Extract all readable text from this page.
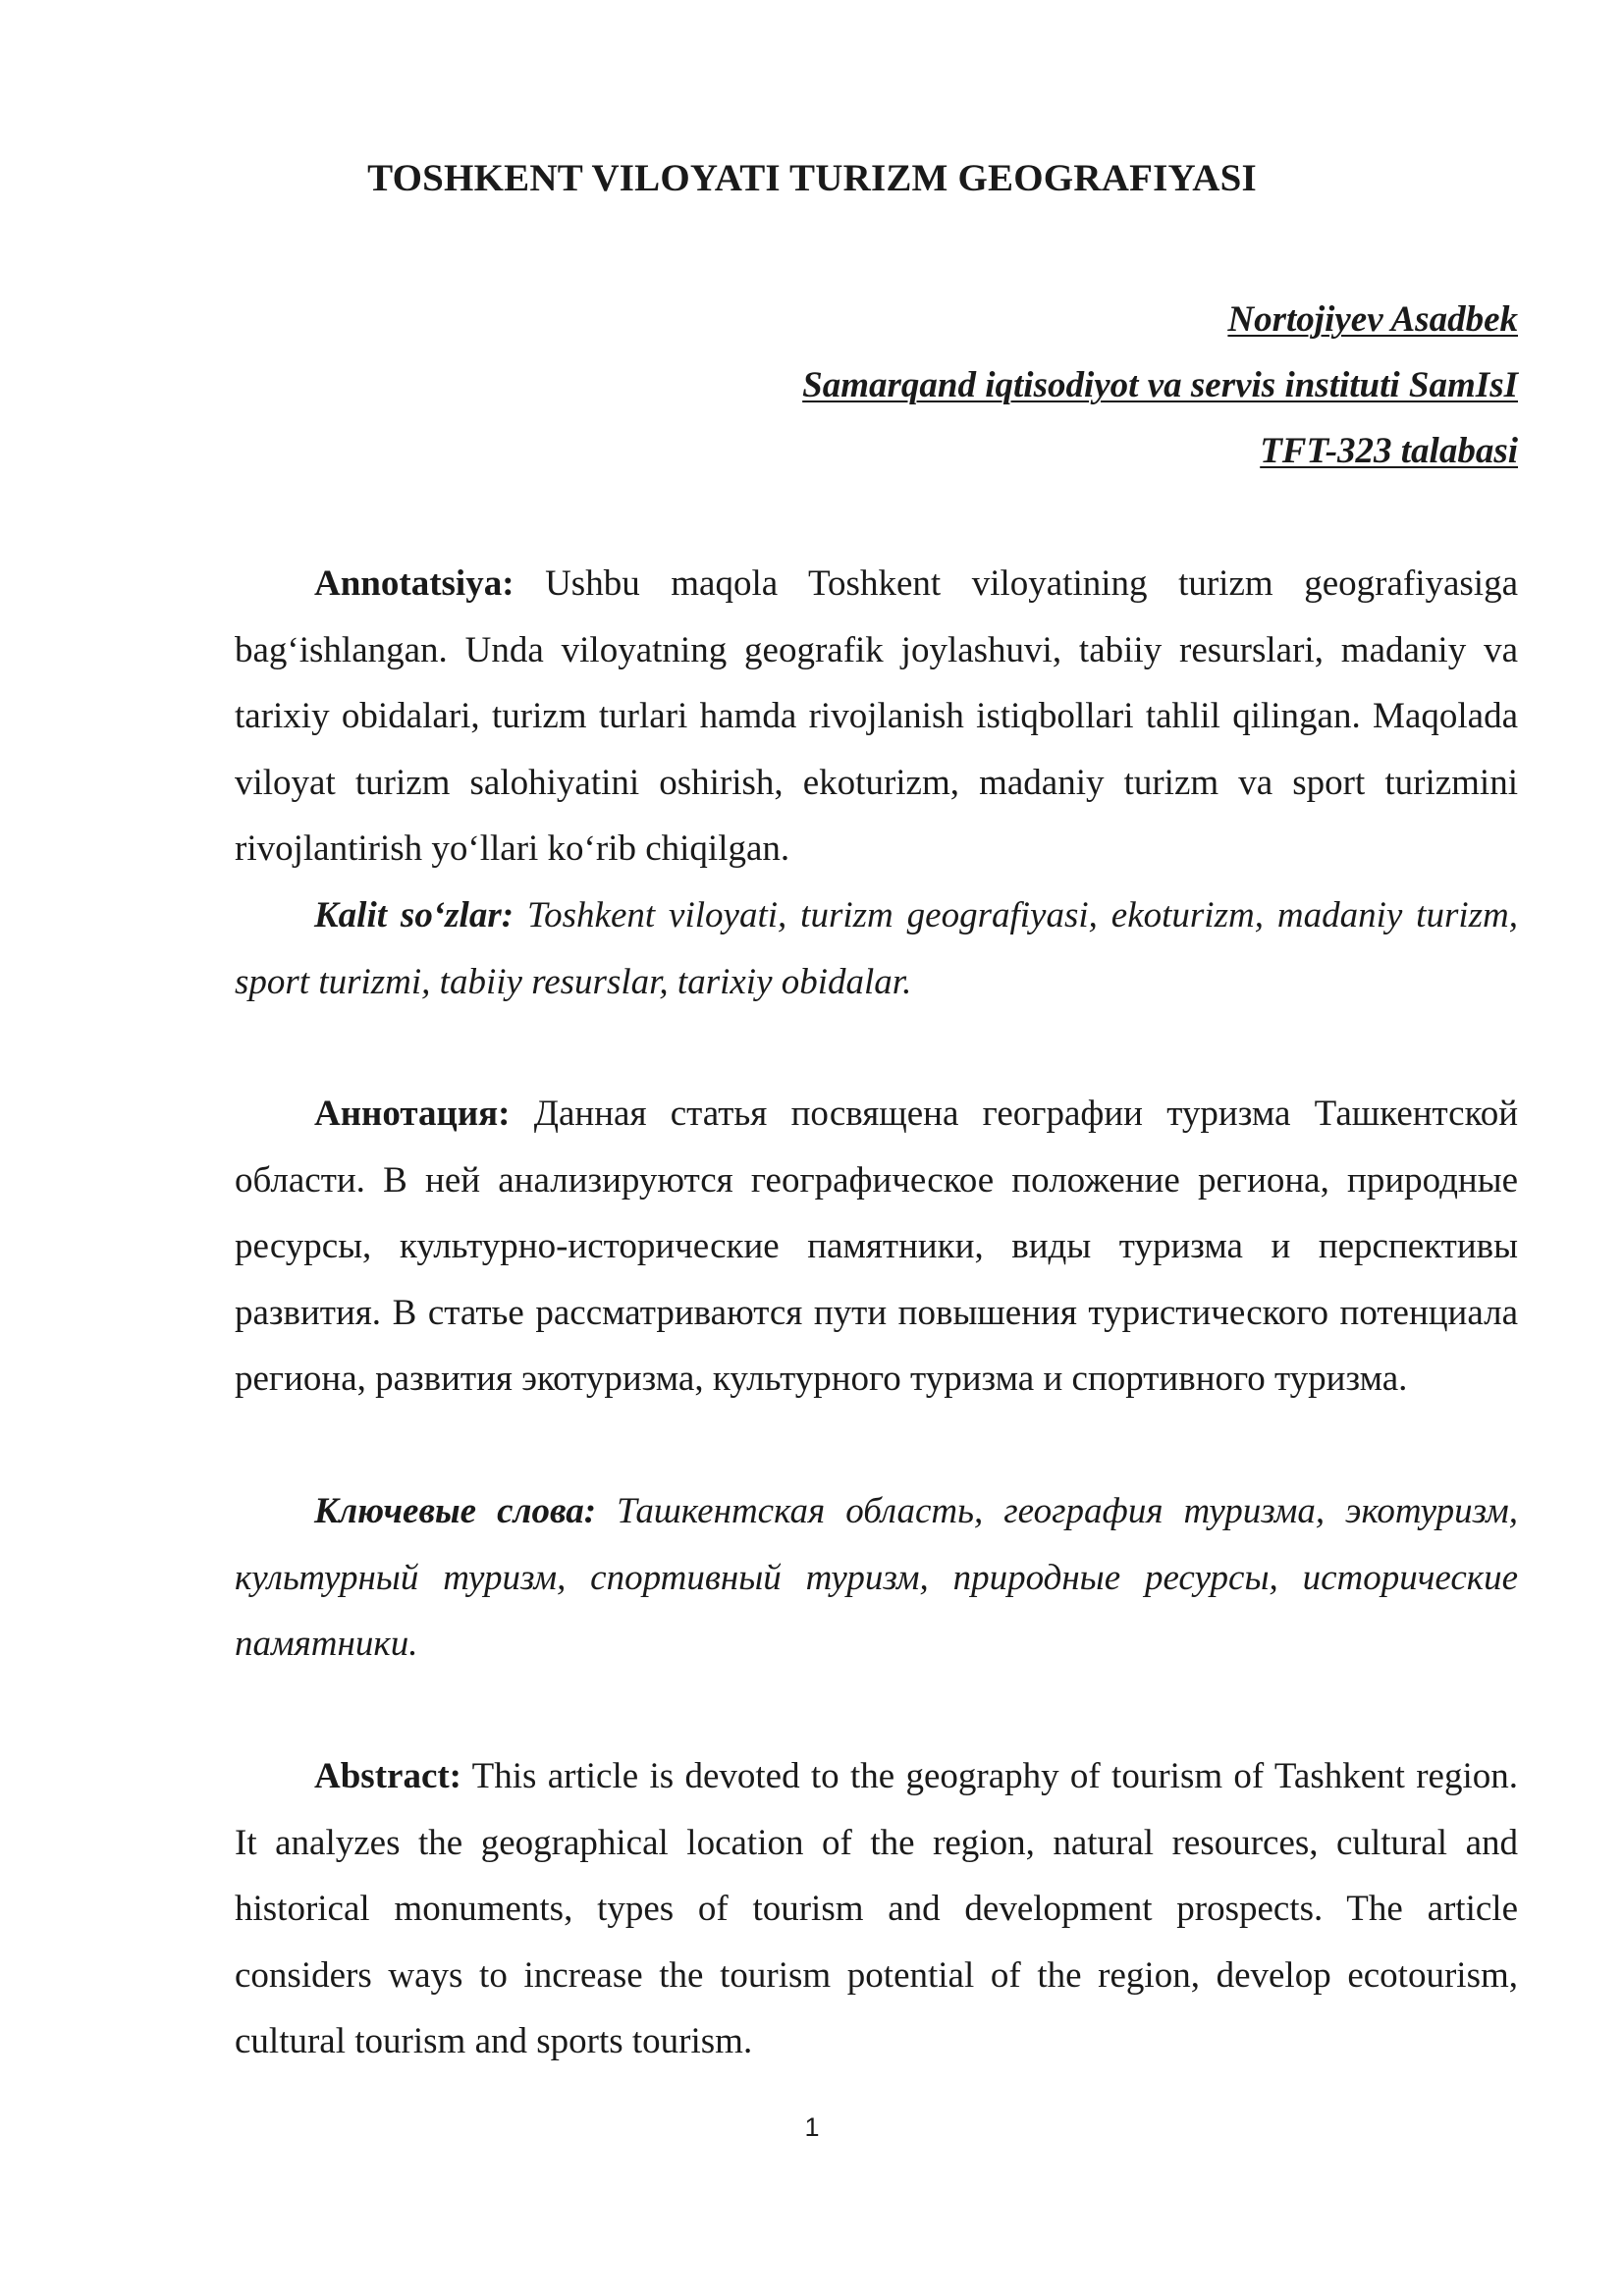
TOSHKENT VILOYATI TURIZM GEOGRAFIYASI
Nortojiyev Asadbek
Samarqand iqtisodiyot va servis instituti SamIsI
TFT-323 talabasi

Annotatsiya: Ushbu maqola Toshkent viloyatining turizm geografiyasiga bag‘ishlangan. Unda viloyatning geografik joylashuvi, tabiiy resurslari, madaniy va tarixiy obidalari, turizm turlari hamda rivojlanish istiqbollari tahlil qilingan. Maqolada viloyat turizm salohiyatini oshirish, ekoturizm, madaniy turizm va sport turizmini rivojlantirish yo‘llari ko‘rib chiqilgan.

Kalit so‘zlar: Toshkent viloyati, turizm geografiyasi, ekoturizm, madaniy turizm, sport turizmi, tabiiy resurslar, tarixiy obidalar.

Аннотация: Данная статья посвящена географии туризма Ташкентской области. В ней анализируются географическое положение региона, природные ресурсы, культурно-исторические памятники, виды туризма и перспективы развития. В статье рассматриваются пути повышения туристического потенциала региона, развития экотуризма, культурного туризма и спортивного туризма.

Ключевые слова: Ташкентская область, география туризма, экотуризм, культурный туризм, спортивный туризм, природные ресурсы, исторические памятники.

Abstract: This article is devoted to the geography of tourism of Tashkent region. It analyzes the geographical location of the region, natural resources, cultural and historical monuments, types of tourism and development prospects. The article considers ways to increase the tourism potential of the region, develop ecotourism, cultural tourism and sports tourism.

1
